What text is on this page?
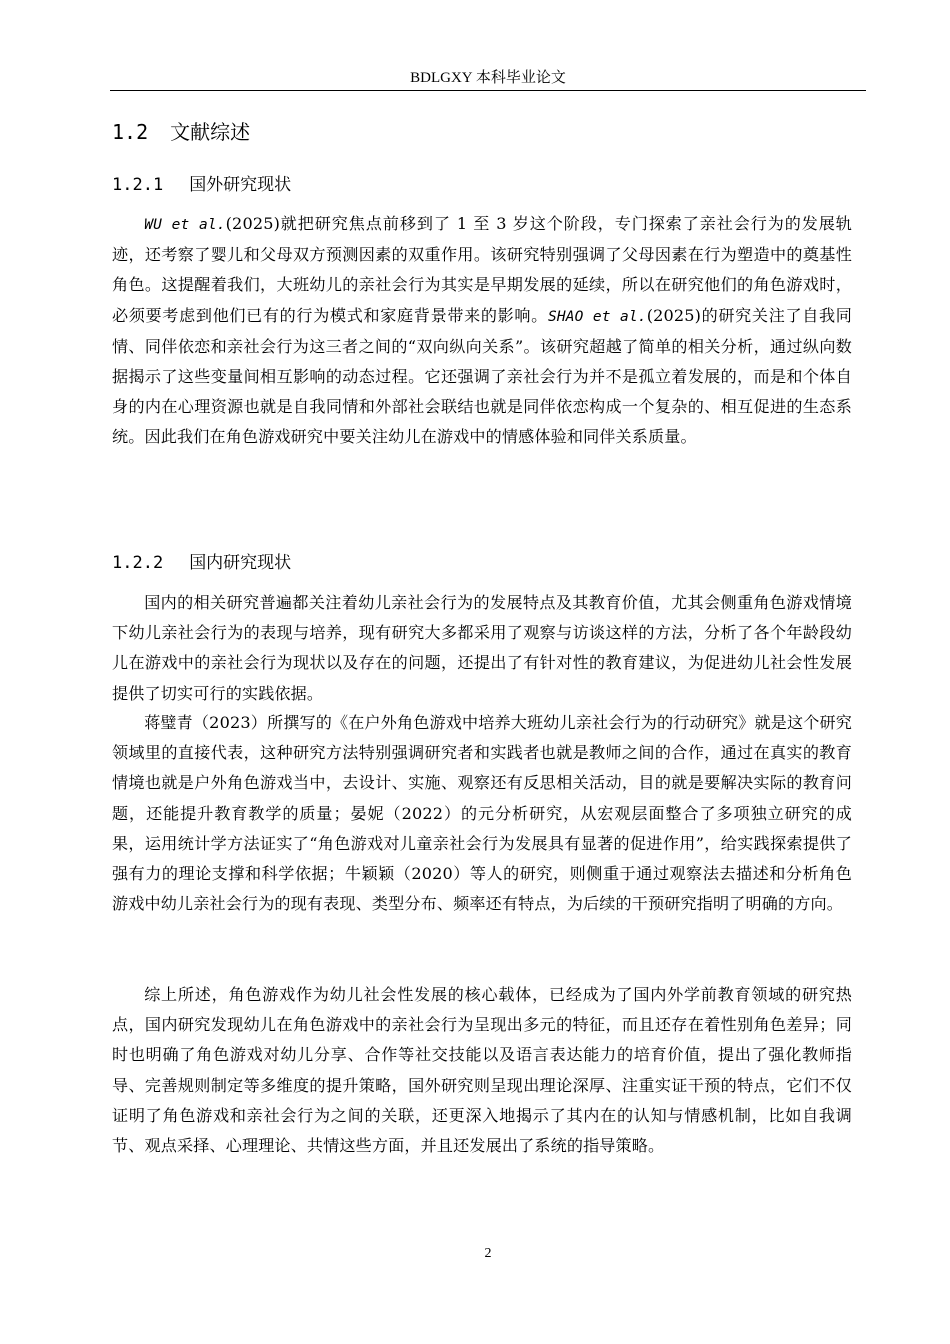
BDLGXY 本科毕业论文
1.2 文献综述
1.2.1 国外研究现状

WU et al.(2025)就把研究焦点前移到了 1 至 3 岁这个阶段，专门探索了亲社会行为的发展轨迹，还考察了婴儿和父母双方预测因素的双重作用。该研究特别强调了父母因素在行为塑造中的奠基性角色。这提醒着我们，大班幼儿的亲社会行为其实是早期发展的延续，所以在研究他们的角色游戏时，必须要考虑到他们已有的行为模式和家庭背景带来的影响。SHAO et al.(2025)的研究关注了自我同情、同伴依恋和亲社会行为这三者之间的“双向纵向关系”。该研究超越了简单的相关分析，通过纵向数据揭示了这些变量间相互影响的动态过程。它还强调了亲社会行为并不是孤立着发展的，而是和个体自身的内在心理资源也就是自我同情和外部社会联结也就是同伴依恋构成一个复杂的、相互促进的生态系统。因此我们在角色游戏研究中要关注幼儿在游戏中的情感体验和同伴关系质量。

1.2.2 国内研究现状

国内的相关研究普遍都关注着幼儿亲社会行为的发展特点及其教育价值，尤其会侧重角色游戏情境下幼儿亲社会行为的表现与培养，现有研究大多都采用了观察与访谈这样的方法，分析了各个年龄段幼儿在游戏中的亲社会行为现状以及存在的问题，还提出了有针对性的教育建议，为促进幼儿社会性发展提供了切实可行的实践依据。

蒋璧青（2023）所撰写的《在户外角色游戏中培养大班幼儿亲社会行为的行动研究》就是这个研究领域里的直接代表，这种研究方法特别强调研究者和实践者也就是教师之间的合作，通过在真实的教育情境也就是户外角色游戏当中，去设计、实施、观察还有反思相关活动，目的就是要解决实际的教育问题，还能提升教育教学的质量；晏妮（2022）的元分析研究，从宏观层面整合了多项独立研究的成果，运用统计学方法证实了“角色游戏对儿童亲社会行为发展具有显著的促进作用”，给实践探索提供了强有力的理论支撑和科学依据；牛颖颖（2020）等人的研究，则侧重于通过观察法去描述和分析角色游戏中幼儿亲社会行为的现有表现、类型分布、频率还有特点，为后续的干预研究指明了明确的方向。

综上所述，角色游戏作为幼儿社会性发展的核心载体，已经成为了国内外学前教育领域的研究热点，国内研究发现幼儿在角色游戏中的亲社会行为呈现出多元的特征，而且还存在着性别角色差异；同时也明确了角色游戏对幼儿分享、合作等社交技能以及语言表达能力的培育价值，提出了强化教师指导、完善规则制定等多维度的提升策略，国外研究则呈现出理论深厚、注重实证干预的特点，它们不仅证明了角色游戏和亲社会行为之间的关联，还更深入地揭示了其内在的认知与情感机制，比如自我调节、观点采择、心理理论、共情这些方面，并且还发展出了系统的指导策略。

2
